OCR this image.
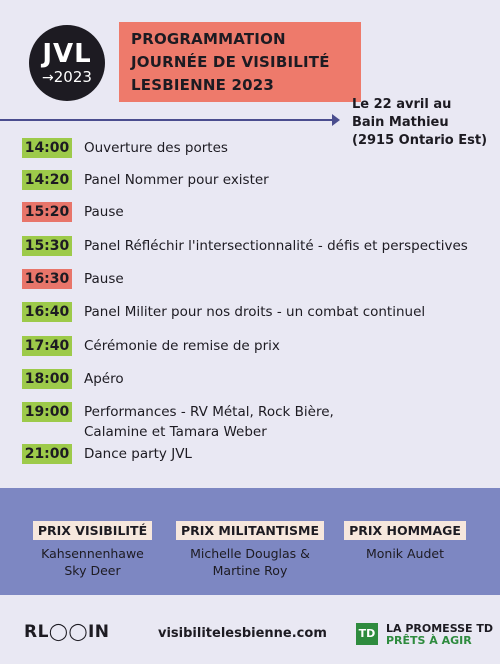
JVL
→2023
PROGRAMMATION
JOURNÉE DE VISIBILITÉ
LESBIENNE 2023
Le 22 avril au
Bain Mathieu
(2915 Ontario Est)
14:00 Ouverture des portes
14:20 Panel Nommer pour exister
15:20 Pause
15:30 Panel Réfléchir l'intersectionnalité - défis et perspectives
16:30 Pause
16:40 Panel Militer pour nos droits - un combat continuel
17:40 Cérémonie de remise de prix
18:00 Apéro
19:00 Performances - RV Métal, Rock Bière,
Calamine et Tamara Weber
21:00 Dance party JVL
PRIX VISIBILITÉ
Kahsennenhawe
Sky Deer
PRIX MILITANTISME
Michelle Douglas &
Martine Roy
PRIX HOMMAGE
Monik Audet
RL◯◯IN	visibilitelesbienne.com	TD LA PROMESSE TD
PRÊTS À AGIR
